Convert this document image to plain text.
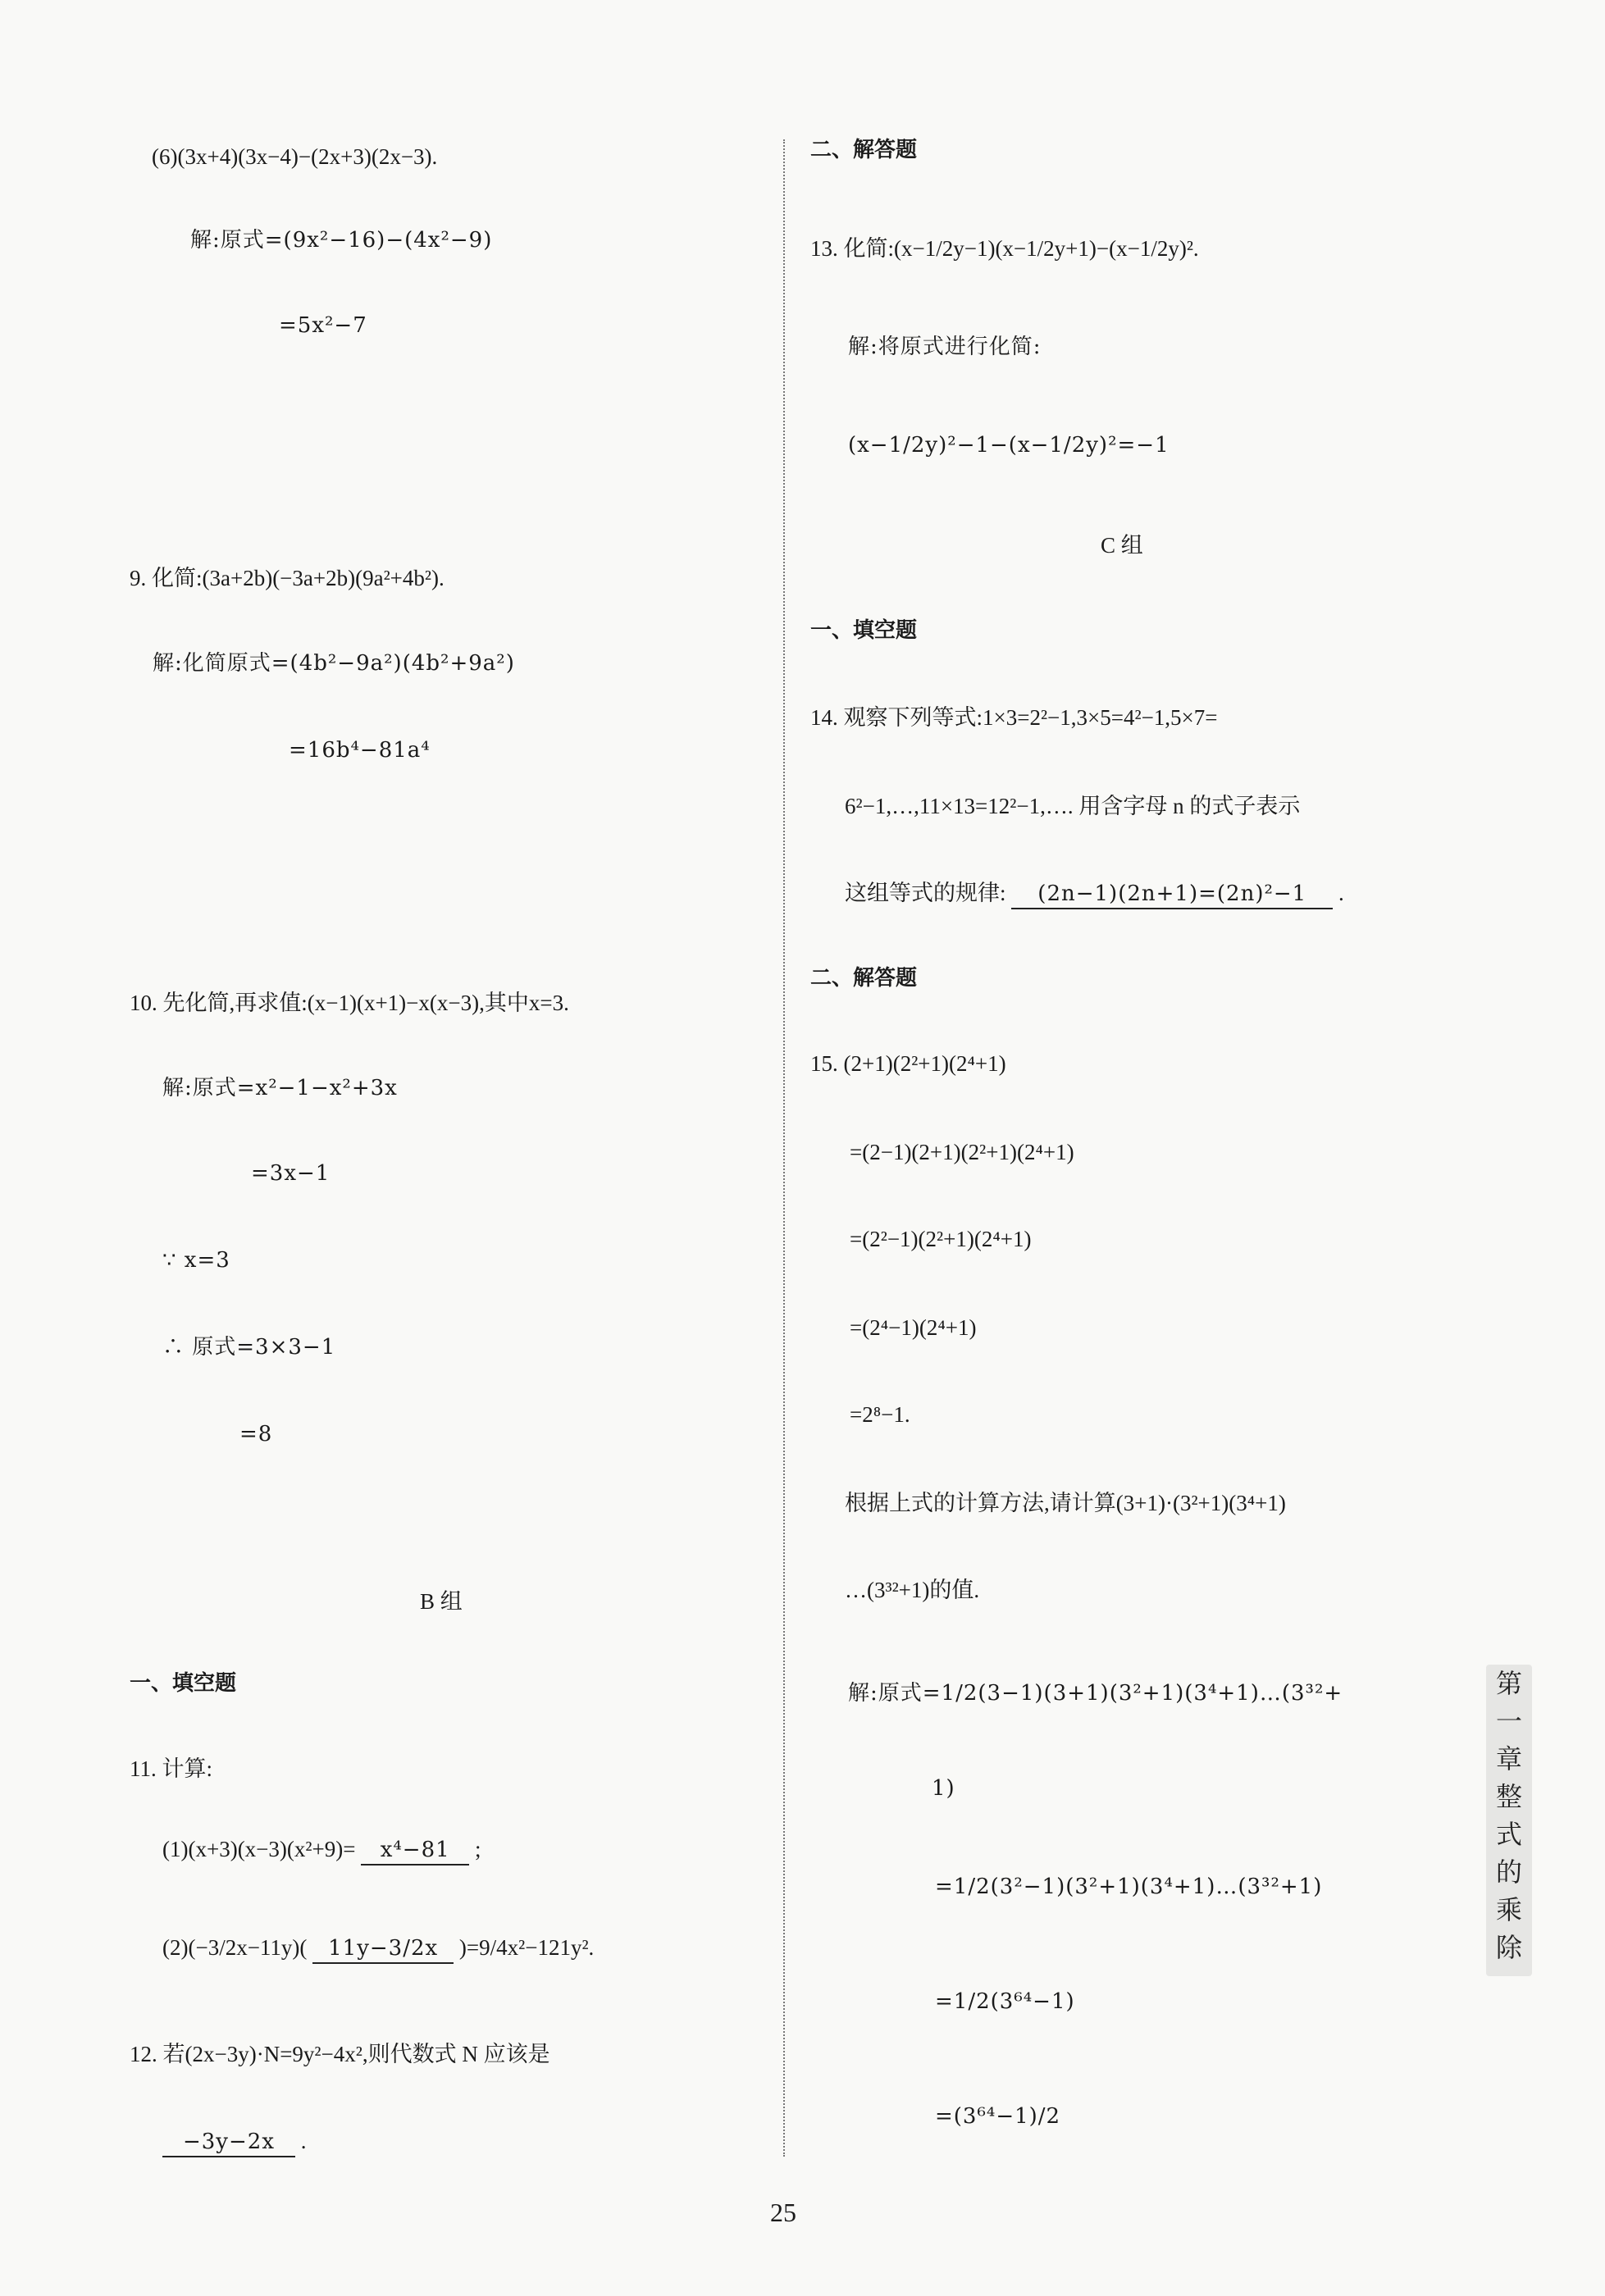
(6)(3x+4)(3x−4)−(2x+3)(2x−3).
解:原式=(9x²−16)−(4x²−9)
=5x²−7
9. 化简:(3a+2b)(−3a+2b)(9a²+4b²).
解:化简原式=(4b²−9a²)(4b²+9a²)
=16b⁴−81a⁴
10. 先化简,再求值:(x−1)(x+1)−x(x−3),其中x=3.
解:原式=x²−1−x²+3x
=3x−1
∵ x=3
∴ 原式=3×3−1
=8
B 组
一、填空题
11. 计算:
(1)(x+3)(x−3)(x²+9)= x⁴−81 ;
(2)(−3/2x−11y)( 11y−3/2x )=9/4x²−121y².
12. 若(2x−3y)·N=9y²−4x²,则代数式 N 应该是
−3y−2x .
二、解答题
13. 化简:(x−1/2y−1)(x−1/2y+1)−(x−1/2y)².
解:将原式进行化简:
(x−1/2y)²−1−(x−1/2y)²=−1
C 组
一、填空题
14. 观察下列等式:1×3=2²−1,3×5=4²−1,5×7=
6²−1,…,11×13=12²−1,…. 用含字母 n 的式子表示
这组等式的规律: (2n−1)(2n+1)=(2n)²−1 .
二、解答题
15. (2+1)(2²+1)(2⁴+1)
=(2−1)(2+1)(2²+1)(2⁴+1)
=(2²−1)(2²+1)(2⁴+1)
=(2⁴−1)(2⁴+1)
=2⁸−1.
根据上式的计算方法,请计算(3+1)·(3²+1)(3⁴+1)
…(3³²+1)的值.
解:原式=1/2(3−1)(3+1)(3²+1)(3⁴+1)…(3³²+
1)
=1/2(3²−1)(3²+1)(3⁴+1)…(3³²+1)
=1/2(3⁶⁴−1)
=(3⁶⁴−1)/2
第
一
章
整
式
的
乘
除
25
